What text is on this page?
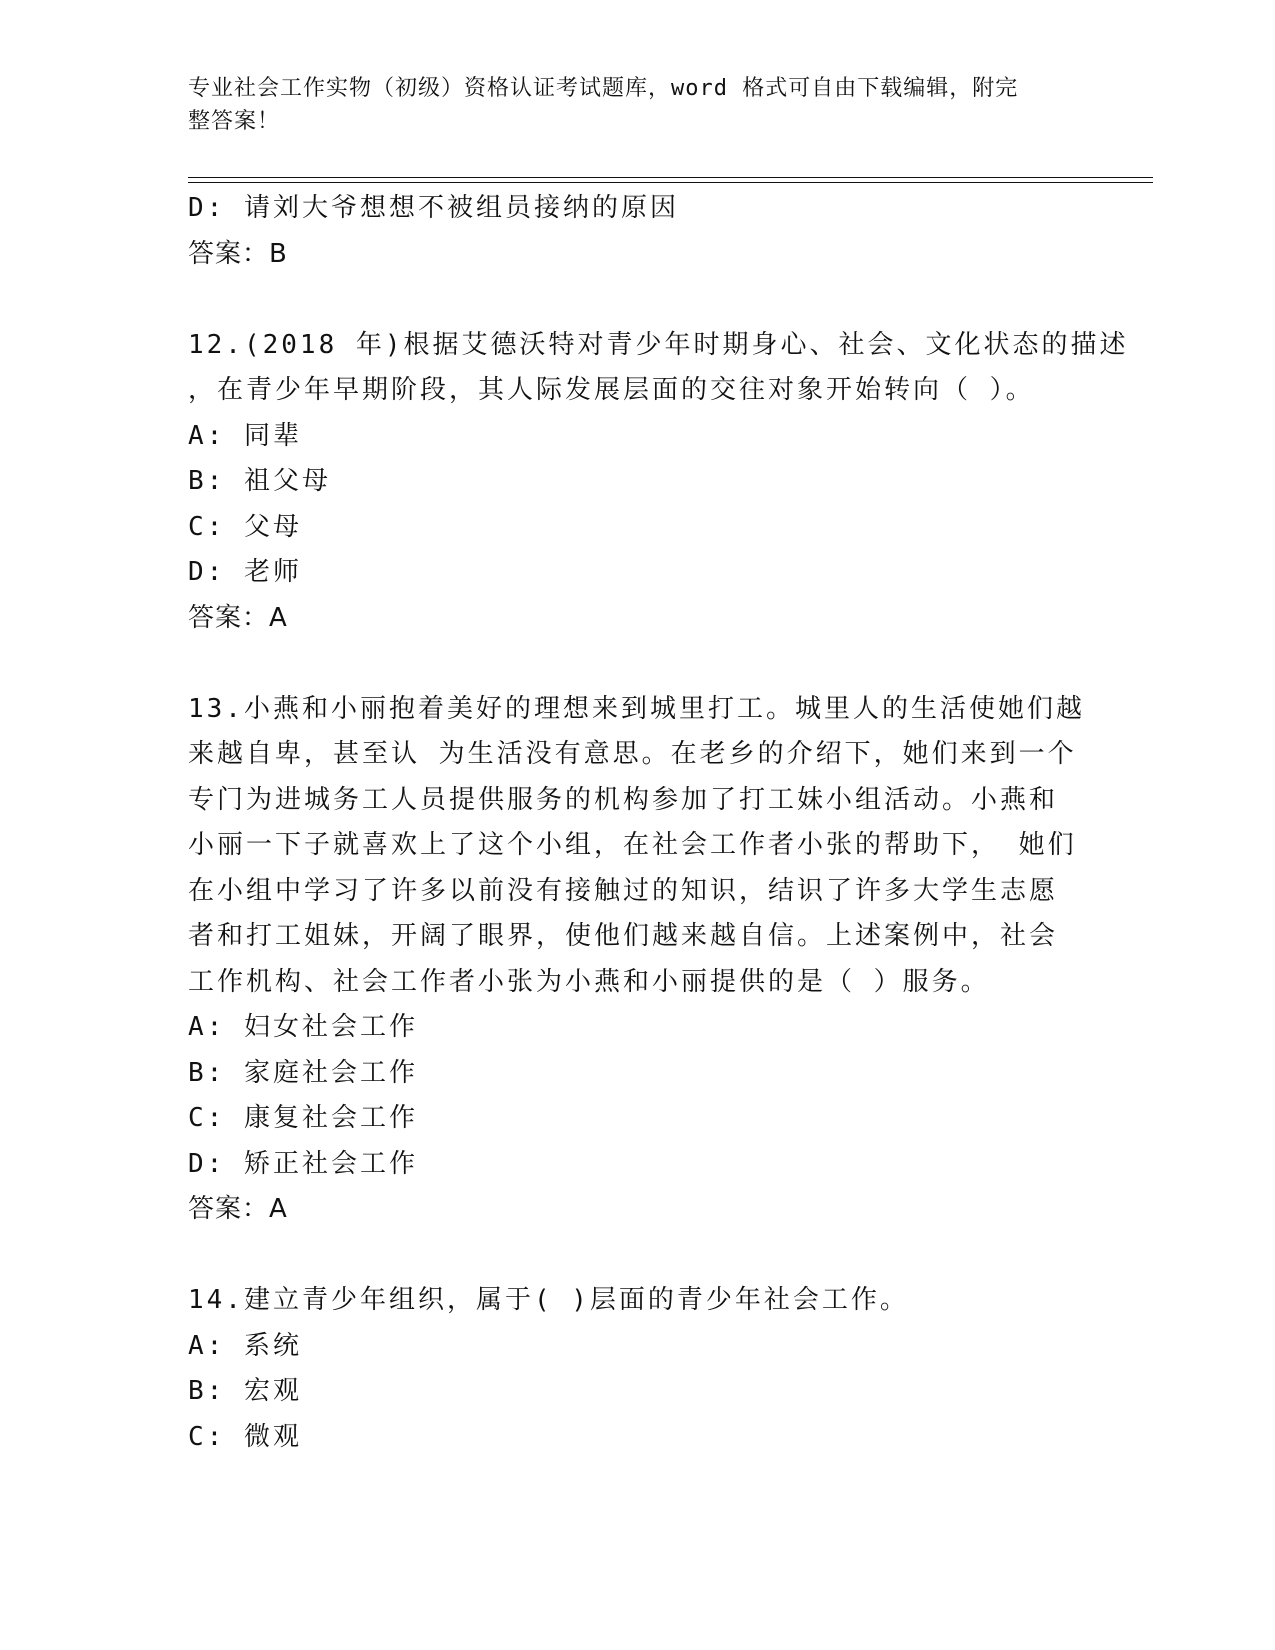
专业社会工作实物（初级）资格认证考试题库，word 格式可自由下载编辑，附完
整答案！
D: 请刘大爷想想不被组员接纳的原因
答案：B
12.(2018 年)根据艾德沃特对青少年时期身心、社会、文化状态的描述
，在青少年早期阶段，其人际发展层面的交往对象开始转向（ ）。
A: 同辈
B: 祖父母
C: 父母
D: 老师
答案：A
13.小燕和小丽抱着美好的理想来到城里打工。城里人的生活使她们越
来越自卑，甚至认 为生活没有意思。在老乡的介绍下，她们来到一个
专门为进城务工人员提供服务的机构参加了打工妹小组活动。小燕和
小丽一下子就喜欢上了这个小组，在社会工作者小张的帮助下， 她们
在小组中学习了许多以前没有接触过的知识，结识了许多大学生志愿
者和打工姐妹，开阔了眼界，使他们越来越自信。上述案例中，社会
工作机构、社会工作者小张为小燕和小丽提供的是（ ）服务。
A: 妇女社会工作
B: 家庭社会工作
C: 康复社会工作
D: 矫正社会工作
答案：A
14.建立青少年组织，属于( )层面的青少年社会工作。
A: 系统
B: 宏观
C: 微观
